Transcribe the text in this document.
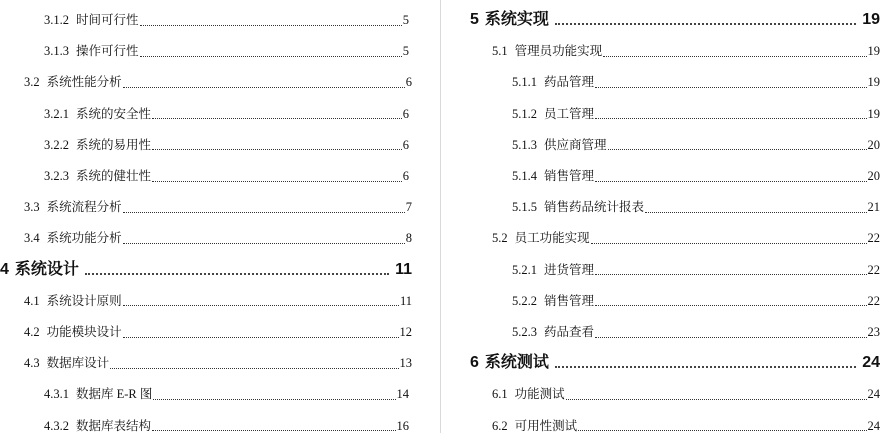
3.1.2 时间可行性	5
3.1.3 操作可行性	5
3.2 系统性能分析	6
3.2.1 系统的安全性	6
3.2.2 系统的易用性	6
3.2.3 系统的健壮性	6
3.3 系统流程分析	7
3.4 系统功能分析	8
4 系统设计	11
4.1 系统设计原则	11
4.2 功能模块设计	12
4.3 数据库设计	13
4.3.1 数据库 E-R 图	14
4.3.2 数据库表结构	16
5 系统实现	19
5.1 管理员功能实现	19
5.1.1 药品管理	19
5.1.2 员工管理	19
5.1.3 供应商管理	20
5.1.4 销售管理	20
5.1.5 销售药品统计报表	21
5.2 员工功能实现	22
5.2.1 进货管理	22
5.2.2 销售管理	22
5.2.3 药品查看	23
6 系统测试	24
6.1 功能测试	24
6.2 可用性测试	24
